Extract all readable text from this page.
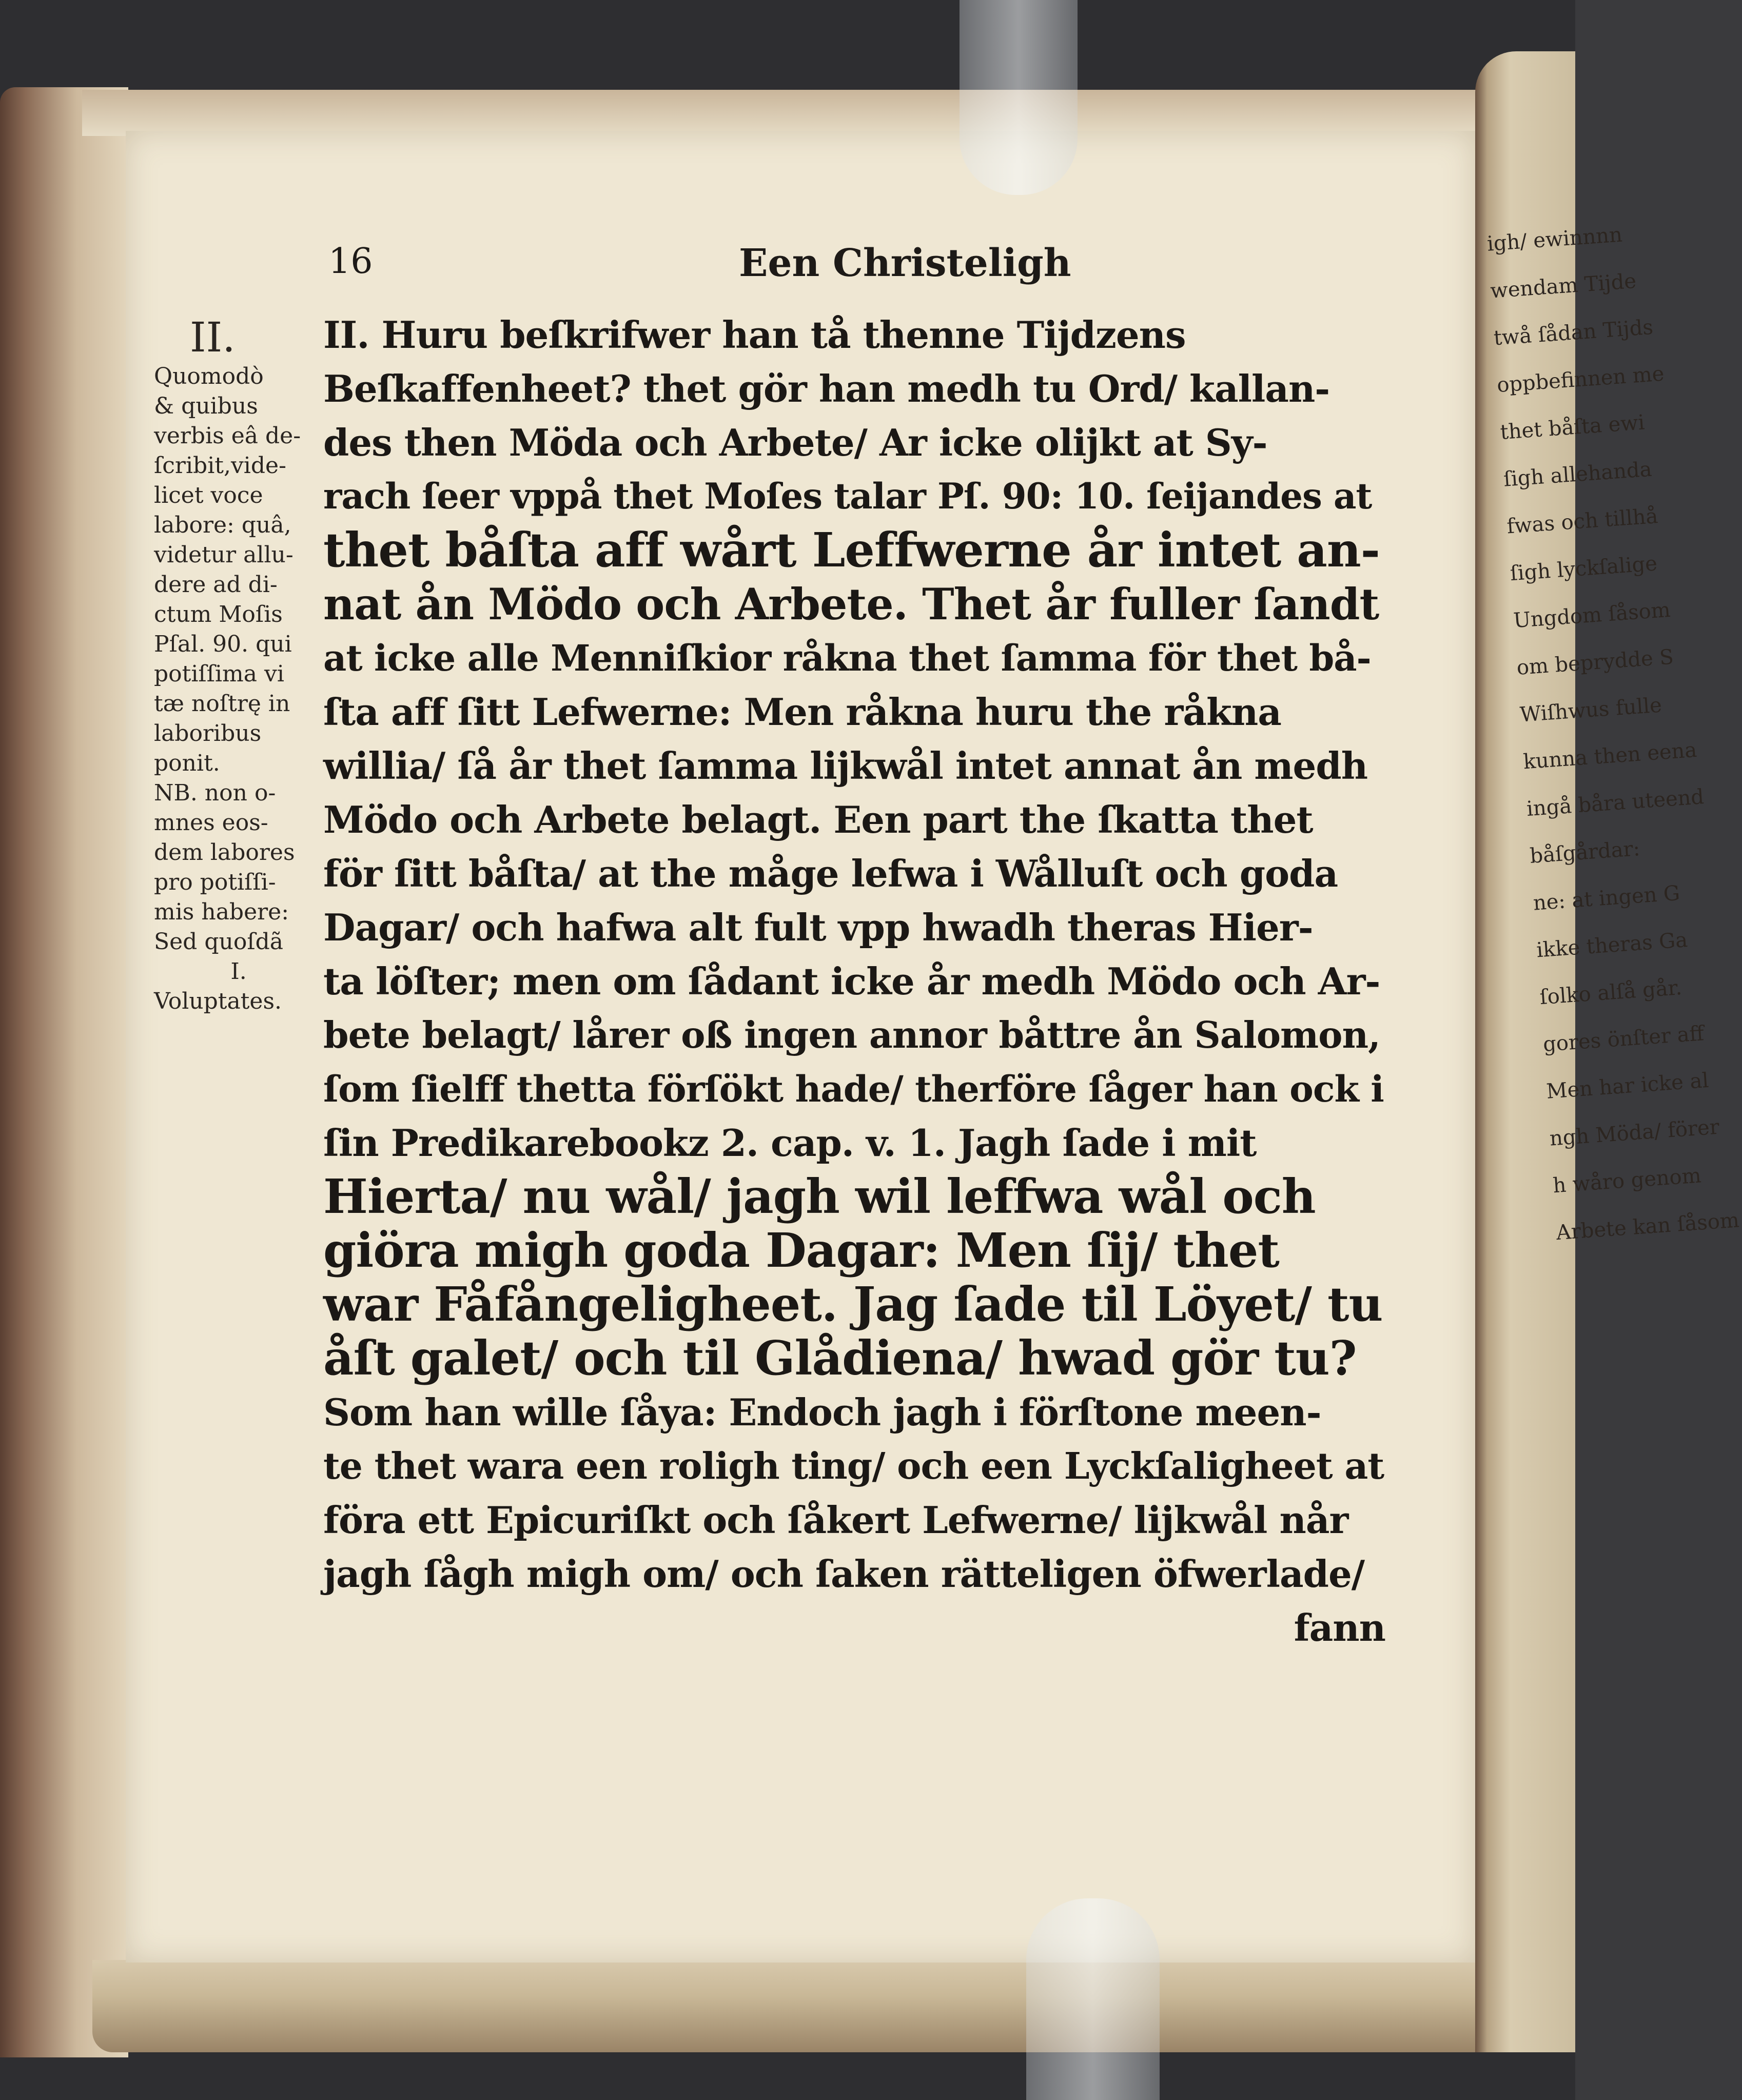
igh/ ewinnnn
wendam Tijde
twå ſådan Tijds
oppbefinnen me
thet båſta ewi
ſigh allehanda
fwas och tillhå
ſigh lyckſalige
Ungdom ſåsom
om beprydde S
Wiſhwus fulle
kunna then eena
ingå båra uteend
båſgårdar:
ne: at ingen G
ikke theras Ga
ſolko alſå går.
gores önſter aff
Men har icke al
ngh Möda/ förer
h wåro genom
Arbete kan ſåsom
16	Een Christeligh
II.
Quomodò
& quibus
verbis eâ de-
ſcribit,vide-
licet voce
labore: quâ,
videtur allu-
dere ad di-
ctum Moſis
Pſal. 90. qui
potiſſima vi
tæ noſtrę in
laboribus
ponit.
NB. non o-
mnes eos-
dem labores
pro potiſſi-
mis habere:
Sed quoſdã
I.
Voluptates.
II. Huru beſkrifwer han tå thenne Tijdzens
Beſkaffenheet? thet gör han medh tu Ord/ kallan-
des then Möda och Arbete/ Ar icke olijkt at Sy-
rach ſeer vppå thet Moſes talar Pſ. 90: 10. ſeijandes at
thet båſta aff wårt Leffwerne år intet an-
nat ån Mödo och Arbete. Thet år fuller ſandt
at icke alle Menniſkior råkna thet ſamma för thet bå-
ſta aff ſitt Lefwerne: Men råkna huru the råkna
willia/ ſå år thet ſamma lijkwål intet annat ån medh
Mödo och Arbete belagt. Een part the ſkatta thet
för ſitt båſta/ at the måge lefwa i Wålluſt och goda
Dagar/ och hafwa alt fult vpp hwadh theras Hier-
ta löſter; men om ſådant icke år medh Mödo och Ar-
bete belagt/ lårer oß ingen annor båttre ån Salomon,
ſom ſielff thetta förſökt hade/ therföre ſåger han ock i
ſin Predikarebookz 2. cap. v. 1. Jagh ſade i mit
Hierta/ nu wål/ jagh wil leffwa wål och
giöra migh goda Dagar: Men ſij/ thet
war Fåfångeligheet. Jag ſade til Löyet/ tu
åſt galet/ och til Glådiena/ hwad gör tu?
Som han wille ſåya: Endoch jagh i förſtone meen-
te thet wara een roligh ting/ och een Lyckſaligheet at
föra ett Epicuriſkt och ſåkert Lefwerne/ lijkwål når
jagh ſågh migh om/ och ſaken rätteligen öfwerlade/
fann
